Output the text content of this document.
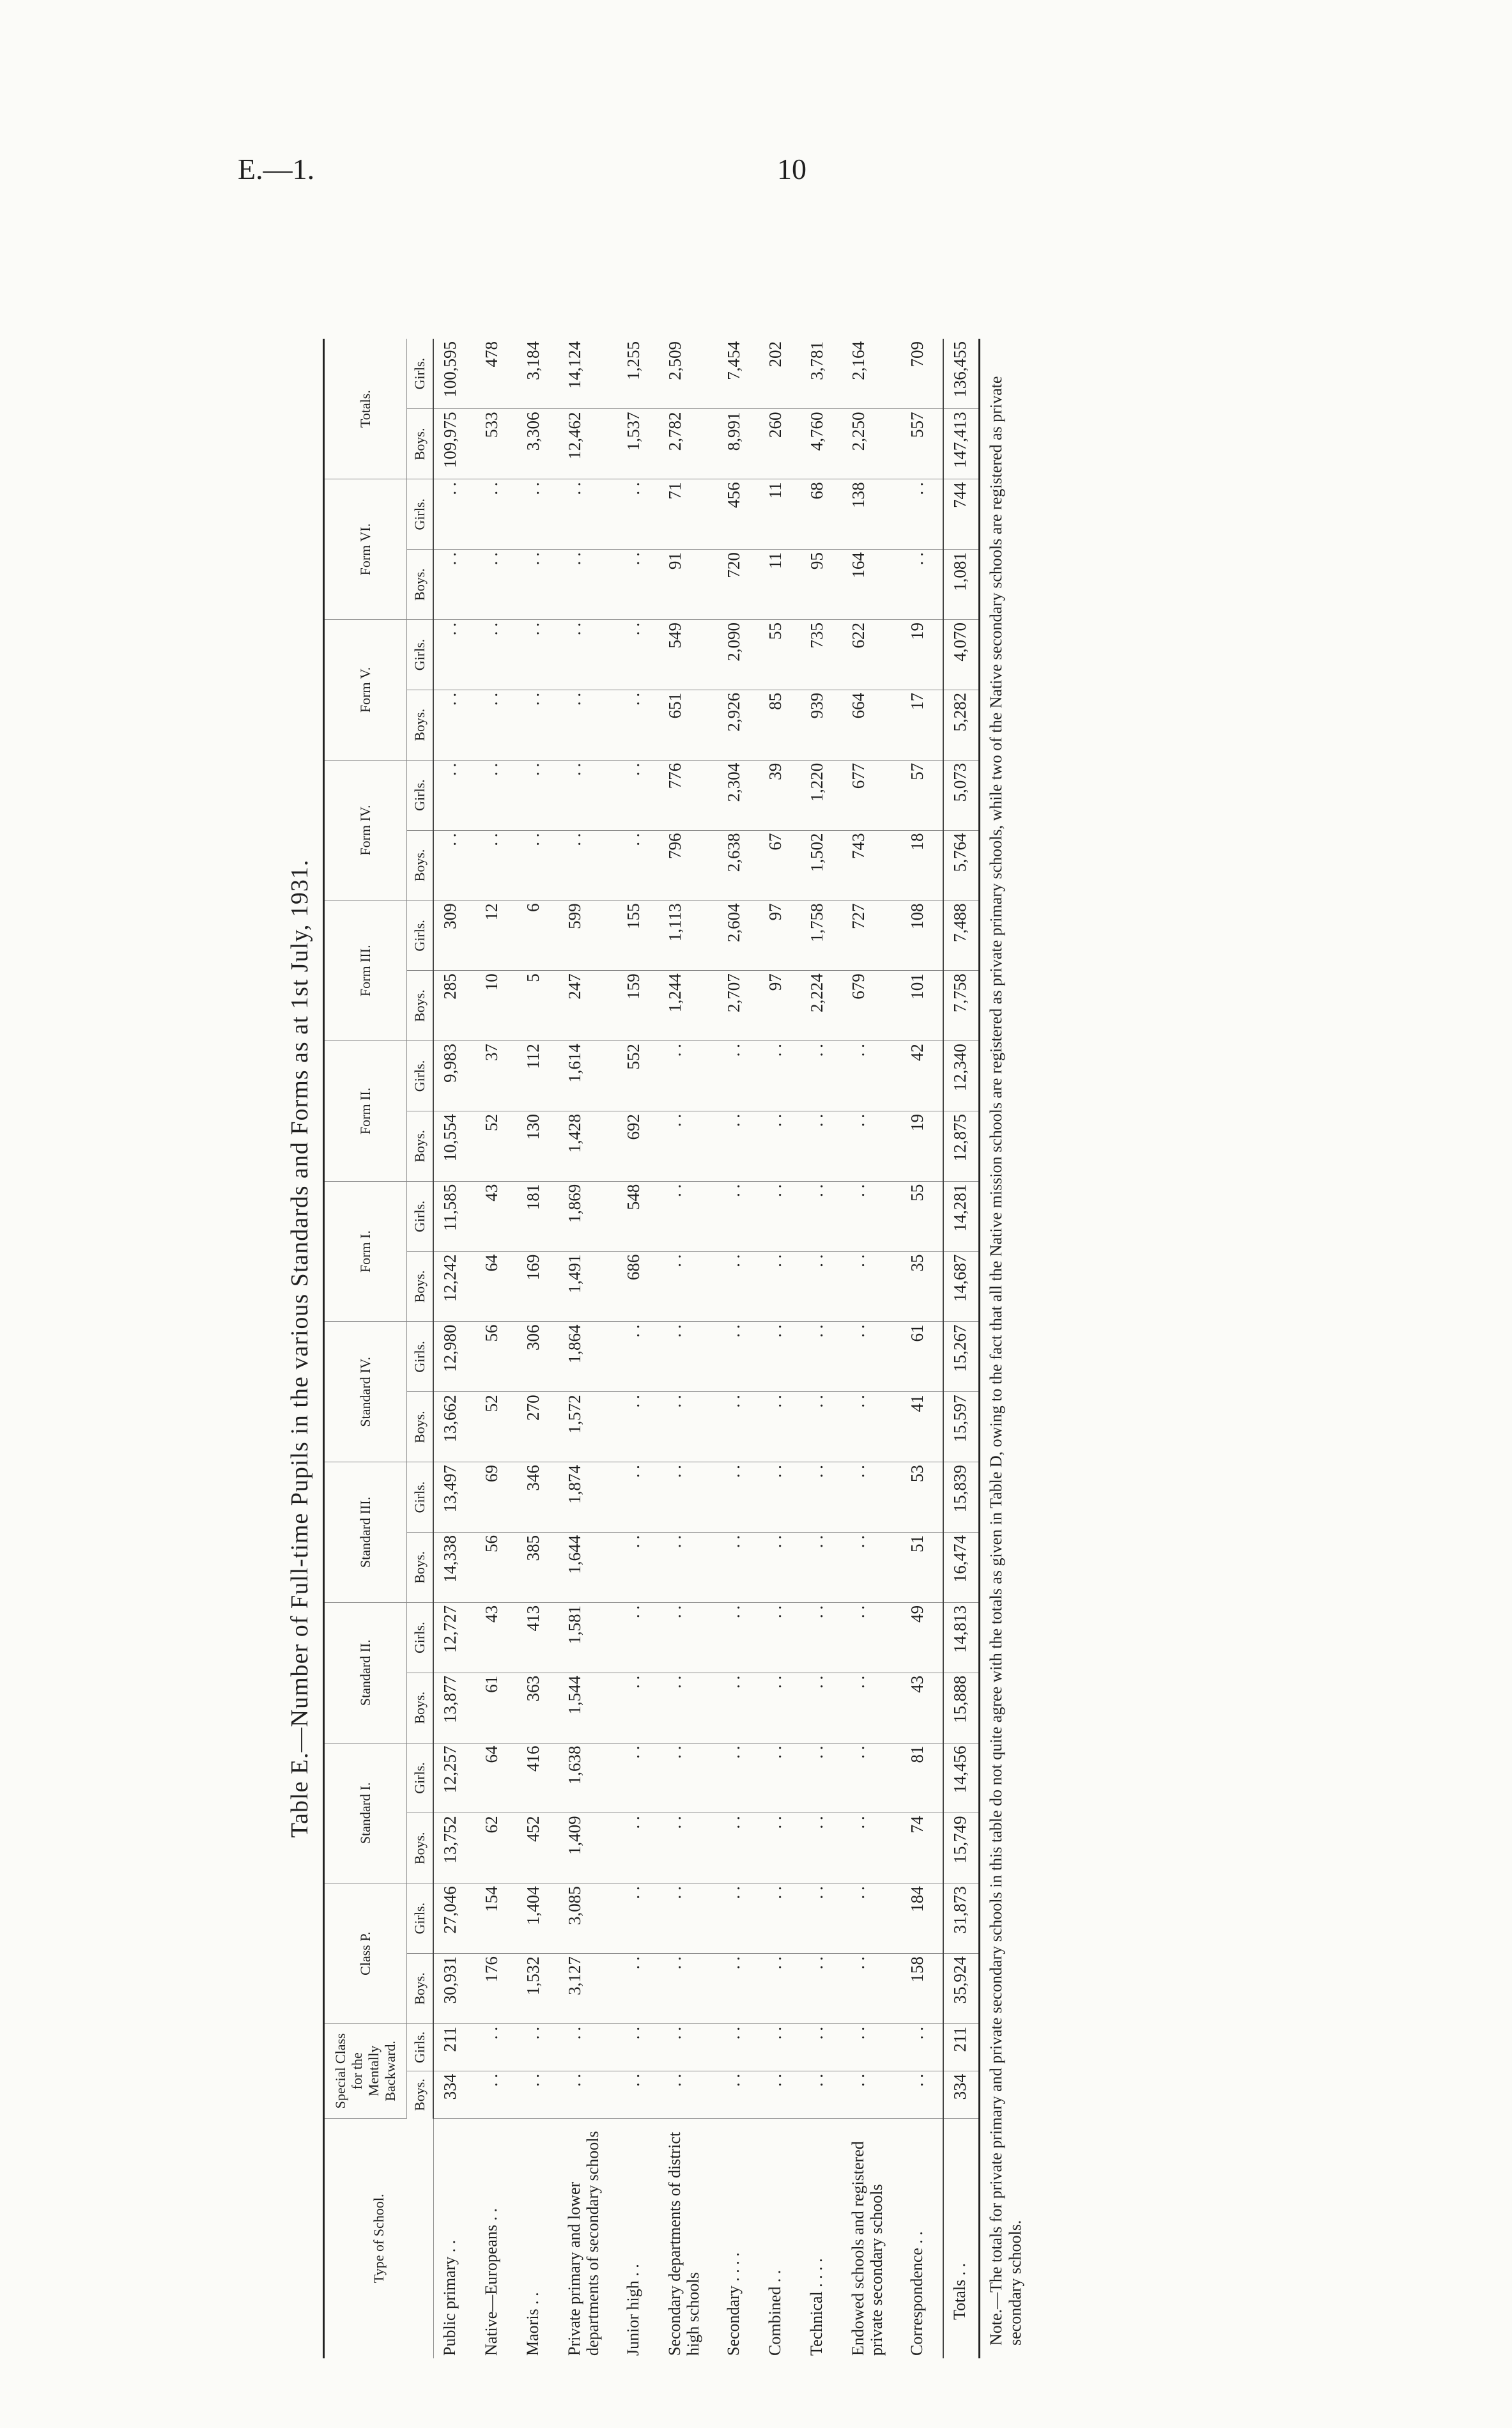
E.—1.	10
Table E.—Number of Full-time Pupils in the various Standards and Forms as at 1st July, 1931.
Type of School.	Special Class for the Mentally Backward.		Class P.		Standard I.		Standard II.		Standard III.		Standard IV.		Form I.		Form II.		Form III.		Form IV.		Form V.		Form VI.		Totals.	
	Boys.	Girls.	Boys.	Girls.	Boys.	Girls.	Boys.	Girls.	Boys.	Girls.	Boys.	Girls.	Boys.	Girls.	Boys.	Girls.	Boys.	Girls.	Boys.	Girls.	Boys.	Girls.	Boys.	Girls.	Boys.	Girls.
Public primary . .	334	211	30,931	27,046	13,752	12,257	13,877	12,727	14,338	13,497	13,662	12,980	12,242	11,585	10,554	9,983	285	309	. .	. .	. .	. .	. .	. .	109,975	100,595
Native—Europeans . .	. .	. .	176	154	62	64	61	43	56	69	52	56	64	43	52	37	10	12	. .	. .	. .	. .	. .	. .	533	478
Maoris . .	. .	. .	1,532	1,404	452	416	363	413	385	346	270	306	169	181	130	112	5	6	. .	. .	. .	. .	. .	. .	3,306	3,184
Private primary and lower departments of secondary schools	. .	. .	3,127	3,085	1,409	1,638	1,544	1,581	1,644	1,874	1,572	1,864	1,491	1,869	1,428	1,614	247	599	. .	. .	. .	. .	. .	. .	12,462	14,124
Junior high . .	. .	. .	. .	. .	. .	. .	. .	. .	. .	. .	. .	. .	686	548	692	552	159	155	. .	. .	. .	. .	. .	. .	1,537	1,255
Secondary departments of district high schools	. .	. .	. .	. .	. .	. .	. .	. .	. .	. .	. .	. .	. .	. .	. .	. .	1,244	1,113	796	776	651	549	91	71	2,782	2,509
Secondary . . . .	. .	. .	. .	. .	. .	. .	. .	. .	. .	. .	. .	. .	. .	. .	. .	. .	2,707	2,604	2,638	2,304	2,926	2,090	720	456	8,991	7,454
Combined . .	. .	. .	. .	. .	. .	. .	. .	. .	. .	. .	. .	. .	. .	. .	. .	. .	97	97	67	39	85	55	11	11	260	202
Technical . . . .	. .	. .	. .	. .	. .	. .	. .	. .	. .	. .	. .	. .	. .	. .	. .	. .	2,224	1,758	1,502	1,220	939	735	95	68	4,760	3,781
Endowed schools and registered private secondary schools	. .	. .	. .	. .	. .	. .	. .	. .	. .	. .	. .	. .	. .	. .	. .	. .	679	727	743	677	664	622	164	138	2,250	2,164
Correspondence . .	. .	. .	158	184	74	81	43	49	51	53	41	61	35	55	19	42	101	108	18	57	17	19	. .	. .	557	709
Totals . .	334	211	35,924	31,873	15,749	14,456	15,888	14,813	16,474	15,839	15,597	15,267	14,687	14,281	12,875	12,340	7,758	7,488	5,764	5,073	5,282	4,070	1,081	744	147,413	136,455
Note.—The totals for private primary and private secondary schools in this table do not quite agree with the totals as given in Table D, owing to the fact that all the Native mission schools are registered as private primary schools, while two of the Native secondary schools are registered as private secondary schools.
